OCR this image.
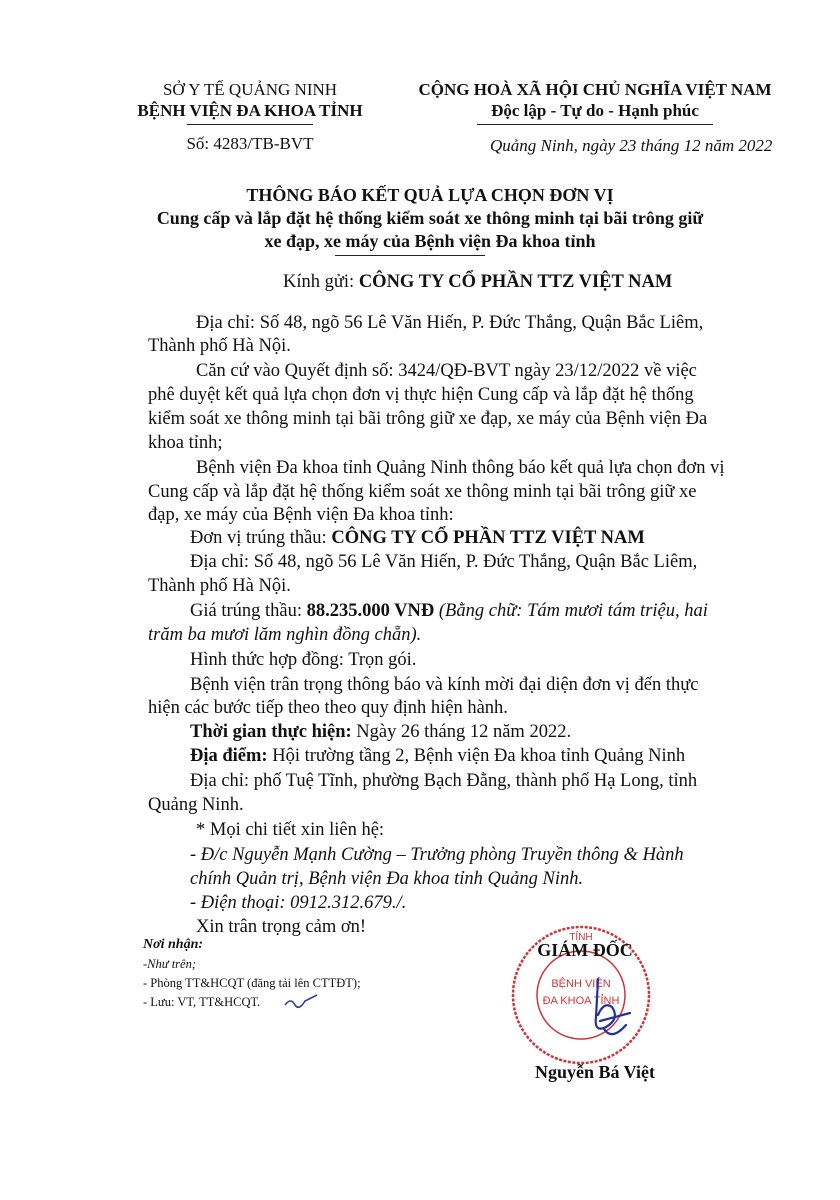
SỞ Y TẾ QUẢNG NINH
BỆNH VIỆN ĐA KHOA TỈNH
Số: 4283/TB-BVT
CỘNG HOÀ XÃ HỘI CHỦ NGHĨA VIỆT NAM
Độc lập - Tự do - Hạnh phúc
Quảng Ninh, ngày 23 tháng 12 năm 2022
THÔNG BÁO KẾT QUẢ LỰA CHỌN ĐƠN VỊ
Cung cấp và lắp đặt hệ thống kiểm soát xe thông minh tại bãi trông giữ
xe đạp, xe máy của Bệnh viện Đa khoa tỉnh
Kính gửi: CÔNG TY CỔ PHẦN TTZ VIỆT NAM
Địa chỉ: Số 48, ngõ 56 Lê Văn Hiến, P. Đức Thắng, Quận Bắc Liêm,
Thành phố Hà Nội.
Căn cứ vào Quyết định số: 3424/QĐ-BVT ngày 23/12/2022 về việc
phê duyệt kết quả lựa chọn đơn vị thực hiện Cung cấp và lắp đặt hệ thống
kiểm soát xe thông minh tại bãi trông giữ xe đạp, xe máy của Bệnh viện Đa
khoa tỉnh;
Bệnh viện Đa khoa tỉnh Quảng Ninh thông báo kết quả lựa chọn đơn vị
Cung cấp và lắp đặt hệ thống kiểm soát xe thông minh tại bãi trông giữ xe
đạp, xe máy của Bệnh viện Đa khoa tỉnh:
Đơn vị trúng thầu: CÔNG TY CỔ PHẦN TTZ VIỆT NAM
Địa chỉ: Số 48, ngõ 56 Lê Văn Hiến, P. Đức Thắng, Quận Bắc Liêm,
Thành phố Hà Nội.
Giá trúng thầu: 88.235.000 VNĐ (Bằng chữ: Tám mươi tám triệu, hai
trăm ba mươi lăm nghìn đồng chẵn).
Hình thức hợp đồng: Trọn gói.
Bệnh viện trân trọng thông báo và kính mời đại diện đơn vị đến thực
hiện các bước tiếp theo theo quy định hiện hành.
Thời gian thực hiện: Ngày 26 tháng 12 năm 2022.
Địa điểm: Hội trường tầng 2, Bệnh viện Đa khoa tỉnh Quảng Ninh
Địa chỉ: phố Tuệ Tĩnh, phường Bạch Đằng, thành phố Hạ Long, tỉnh
Quảng Ninh.
* Mọi chi tiết xin liên hệ:
- Đ/c Nguyễn Mạnh Cường – Trưởng phòng Truyền thông & Hành
chính Quản trị, Bệnh viện Đa khoa tỉnh Quảng Ninh.
- Điện thoại: 0912.312.679./.
Xin trân trọng cảm ơn!
Nơi nhận:
-Như trên;
- Phòng TT&HCQT (đăng tải lên CTTĐT);
- Lưu: VT, TT&HCQT.
TỈNH
BỆNH VIỆN
ĐA KHOA TỈNH
GIÁM ĐỐC
Nguyễn Bá Việt
